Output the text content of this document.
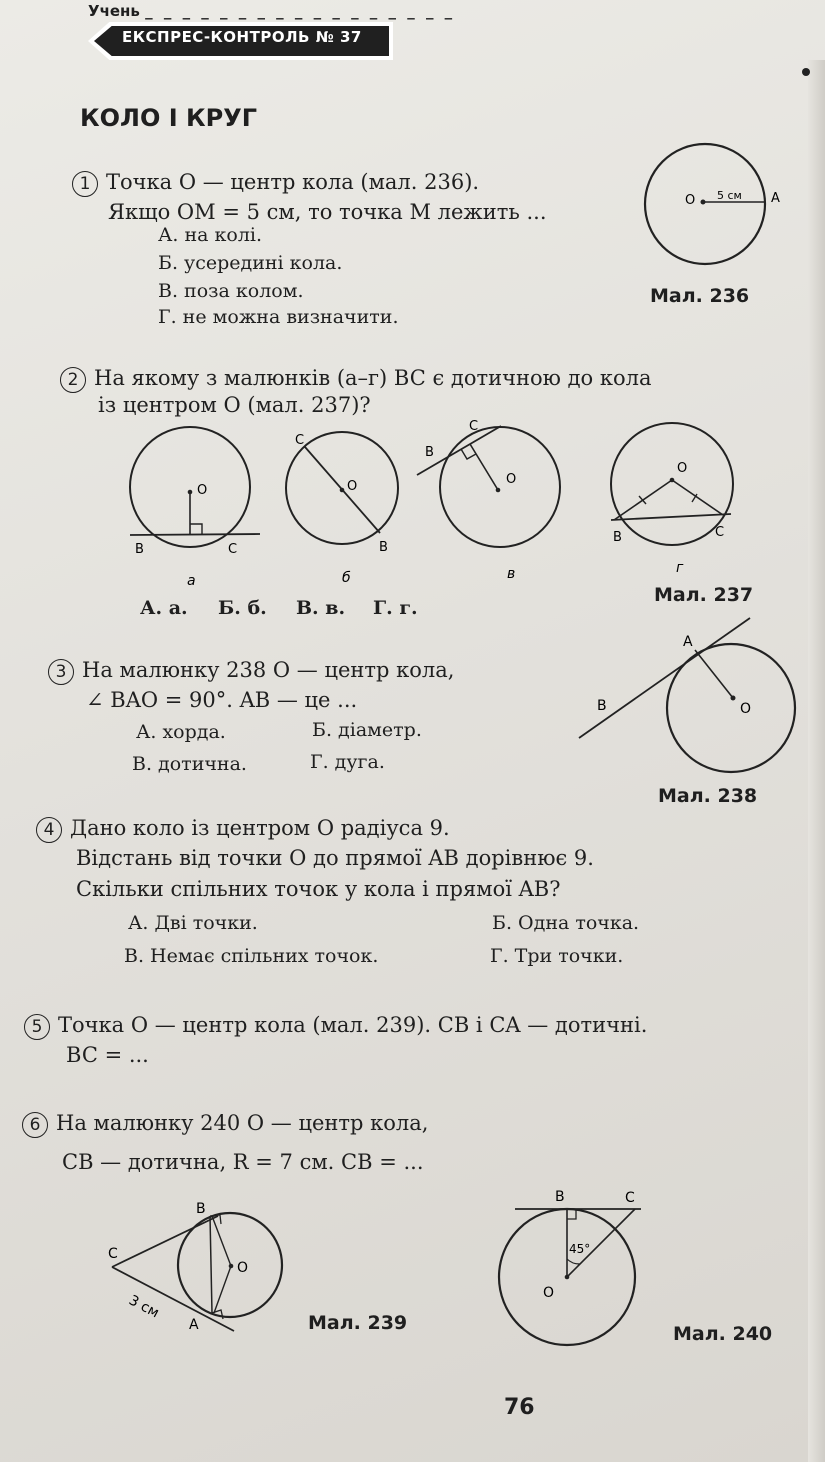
Учень _ _ _ _ _ _ _ _ _ _ _ _ _ _ _ _ _
ЕКСПРЕС-КОНТРОЛЬ № 37
КОЛО І КРУГ
1 Точка O — центр кола (мал. 236).
Якщо OM = 5 см, то точка M лежить ...
А. на колі.
Б. усередині кола.
В. поза колом.
Г. не можна визначити.
O 5 см A
Мал. 236
2 На якому з малюнків (а–г) BC є дотичною до кола
із центром O (мал. 237)?
O
B	C
а
O
C
B
б
O
B
C
в
O
B	C
г
А. а. Б. б. В. в. Г. г.
Мал. 237
3 На малюнку 238 O — центр кола,
∠ BAO = 90°. AB — це ...
А. хорда.	Б. діаметр.
В. дотична.	Г. дуга.
A
B	O
Мал. 238
4 Дано коло із центром O радіуса 9.
Відстань від точки O до прямої AB дорівнює 9.
Скільки спільних точок у кола і прямої AB?
А. Дві точки.	Б. Одна точка.
В. Немає спільних точок.	Г. Три точки.
5 Точка O — центр кола (мал. 239). CB і CA — дотичні.
BC = ...
6 На малюнку 240 O — центр кола,
CB — дотична, R = 7 см. CB = ...
B
C
A
O
3 см
Мал. 239
B	C
O
45°
Мал. 240
76
